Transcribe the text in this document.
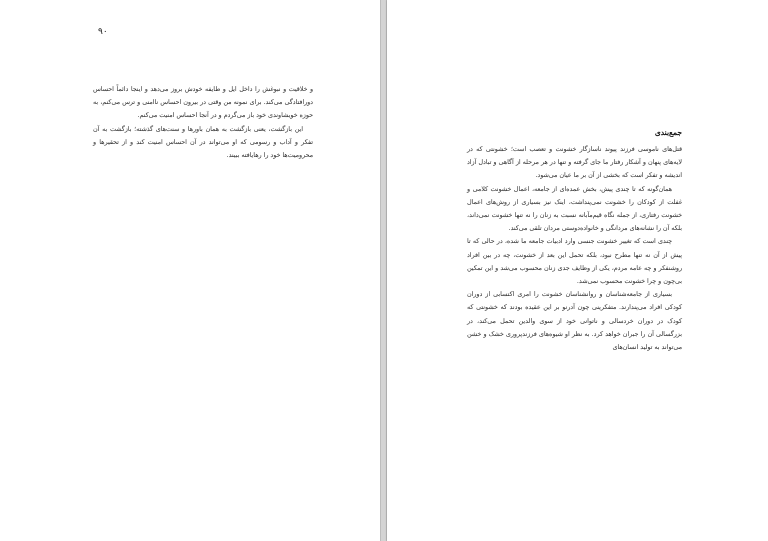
۹۰

و خلاقیت و نبوغش را داخل ایل و طایفه خودش بروز می‌دهد و اینجا دائماً احساس دورافتادگی می‌کند. برای نمونه من وقتی در بیرون احساس ناامنی و ترس می‌کنم، به حوزه خویشاوندی خود باز می‌گردم و در آنجا احساس امنیت می‌کنم.

این بازگشت، یعنی بازگشت به همان باورها و سنت‌های گذشته؛ بازگشت به آن تفکر و آداب و رسومی که او می‌تواند در آن احساس امنیت کند و از تحقیرها و محرومیت‌ها خود را رهایافته ببیند.

جمع‌بندی

قتل‌های ناموسی فرزند پیوند ناسازگار خشونت و تعصب است؛ خشونتی که در لایه‌های پنهان و آشکار رفتار ما جای گرفته و تنها در هر مرحله از آگاهی و تبادل آزاد اندیشه و تفکر است که بخشی از آن بر ما عیان می‌شود.

همان‌گونه که تا چندی پیش، بخش عمده‌ای از جامعه، اعمال خشونت کلامی و غفلت از کودکان را خشونت نمی‌پنداشت، اینک نیز بسیاری از روش‌های اعمال خشونت رفتاری، از جمله نگاه قیم‌مآبانه نسبت به زنان را نه تنها خشونت نمی‌داند، بلکه آن را نشانه‌های مردانگی و خانواده‌دوستی مردان تلقی می‌کند.

چندی است که تغییر خشونت جنسی وارد ادبیات جامعه ما شده، در حالی که تا پیش از آن نه تنها مطرح نبود، بلکه تحمل این بعد از خشونت، چه در بین افراد روشنفکر و چه عامه مردم، یکی از وظایف جدی زنان محسوب می‌شد و این تمکین بی‌چون و چرا خشونت محسوب نمی‌شد.

بسیاری از جامعه‌شناسان و روانشناسان خشونت را امری اکتسابی از دوران کودکی افراد می‌پندارند. متفکرینی چون آدرنو بر این عقیده بودند که خشونتی که کودک در دوران خردسالی و ناتوانی خود از سوی والدین تحمل می‌کند، در بزرگسالی آن را جبران خواهد کرد. به نظر او شیوه‌های فرزندپروری خشک و خشن می‌تواند به تولید انسان‌های
